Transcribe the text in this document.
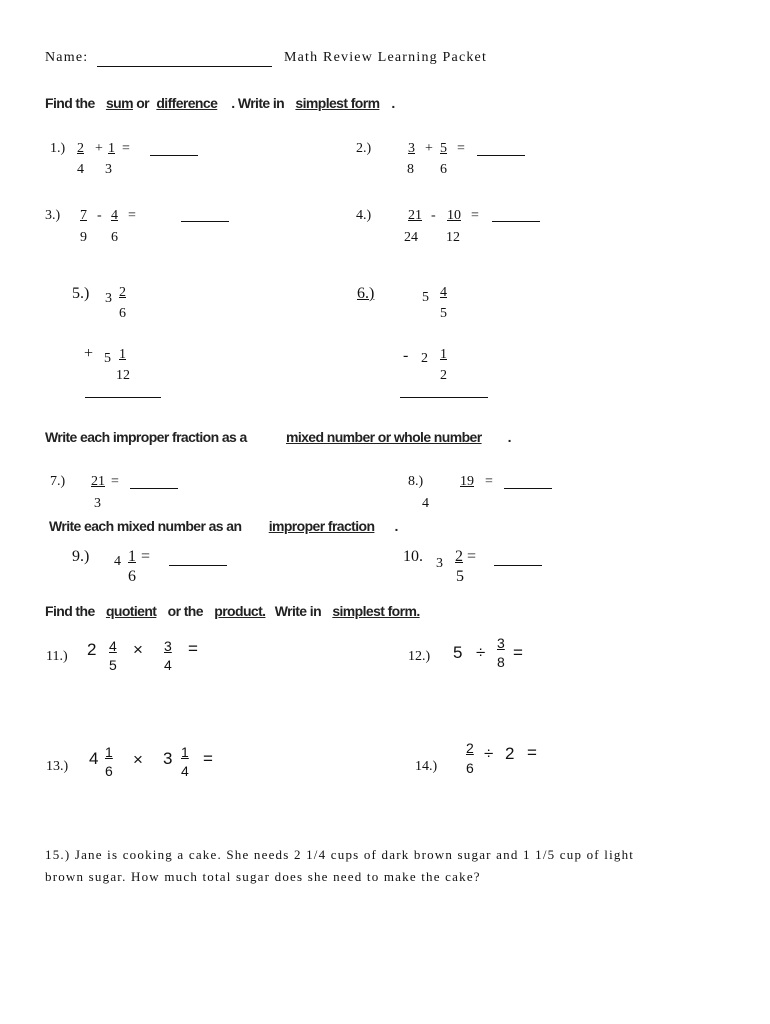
Name:	Math Review Learning Packet
Find the sum or difference . Write in simplest form .
1.) 2
4
+ 1
3
=	2.)	3
8
+ 5
6
=
3.) 7
9
- 4
6
=	4.)	21
24
- 10
12
=
5.) 3 2
6
+ 5 1
12
6.)	5 4
5
- 2 1
2
Write each improper fraction as a	mixed number or whole number .
7.) 21
3
=	8.)	19
4
=
Write each mixed number as an improper fraction .
9.) 4 1
6
=	10. 3 2
5
=
Find the quotient or the product. Write in simplest form.
11.) 2 4
5
× 3
4
=	12.) 5 ÷ 3
8 =
13.) 4 1
6
× 3 1
4
=	14.)
2
6
÷ 2 =
15.) Jane is cooking a cake. She needs 2 1/4 cups of dark brown sugar and 1 1/5 cup of light
brown sugar. How much total sugar does she need to make the cake?
